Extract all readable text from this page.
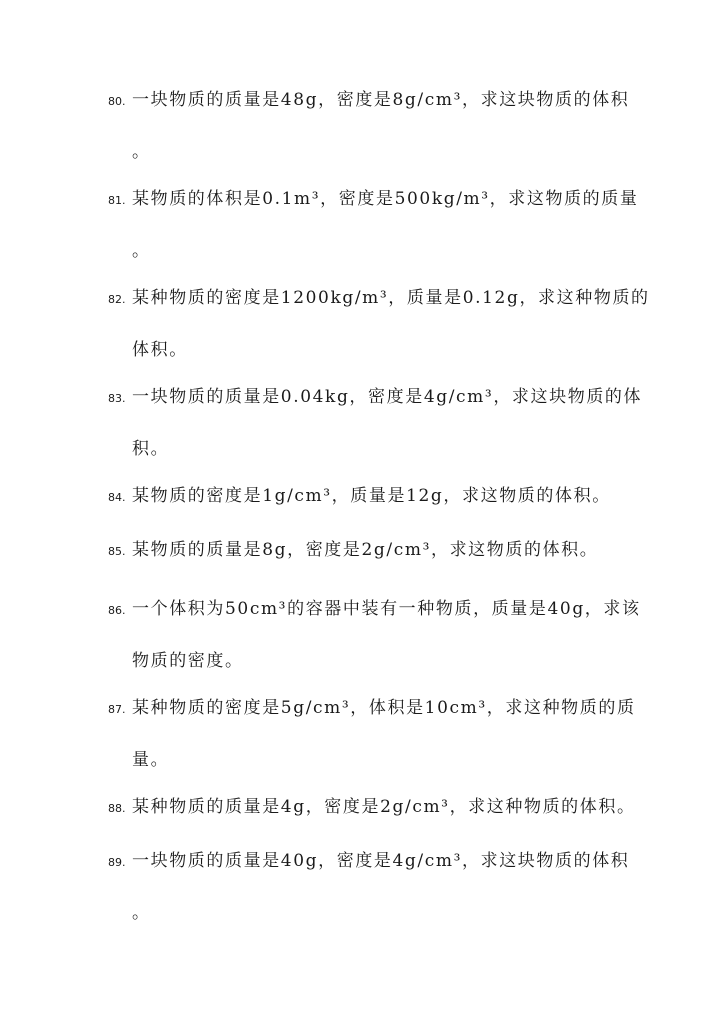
80. 一块物质的质量是48g，密度是8g/cm³，求这块物质的体积
。
81. 某物质的体积是0.1m³，密度是500kg/m³，求这物质的质量
。
82. 某种物质的密度是1200kg/m³，质量是0.12g，求这种物质的
体积。
83. 一块物质的质量是0.04kg，密度是4g/cm³，求这块物质的体
积。
84. 某物质的密度是1g/cm³，质量是12g，求这物质的体积。
85. 某物质的质量是8g，密度是2g/cm³，求这物质的体积。
86. 一个体积为50cm³的容器中装有一种物质，质量是40g，求该
物质的密度。
87. 某种物质的密度是5g/cm³，体积是10cm³，求这种物质的质
量。
88. 某种物质的质量是4g，密度是2g/cm³，求这种物质的体积。
89. 一块物质的质量是40g，密度是4g/cm³，求这块物质的体积
。
